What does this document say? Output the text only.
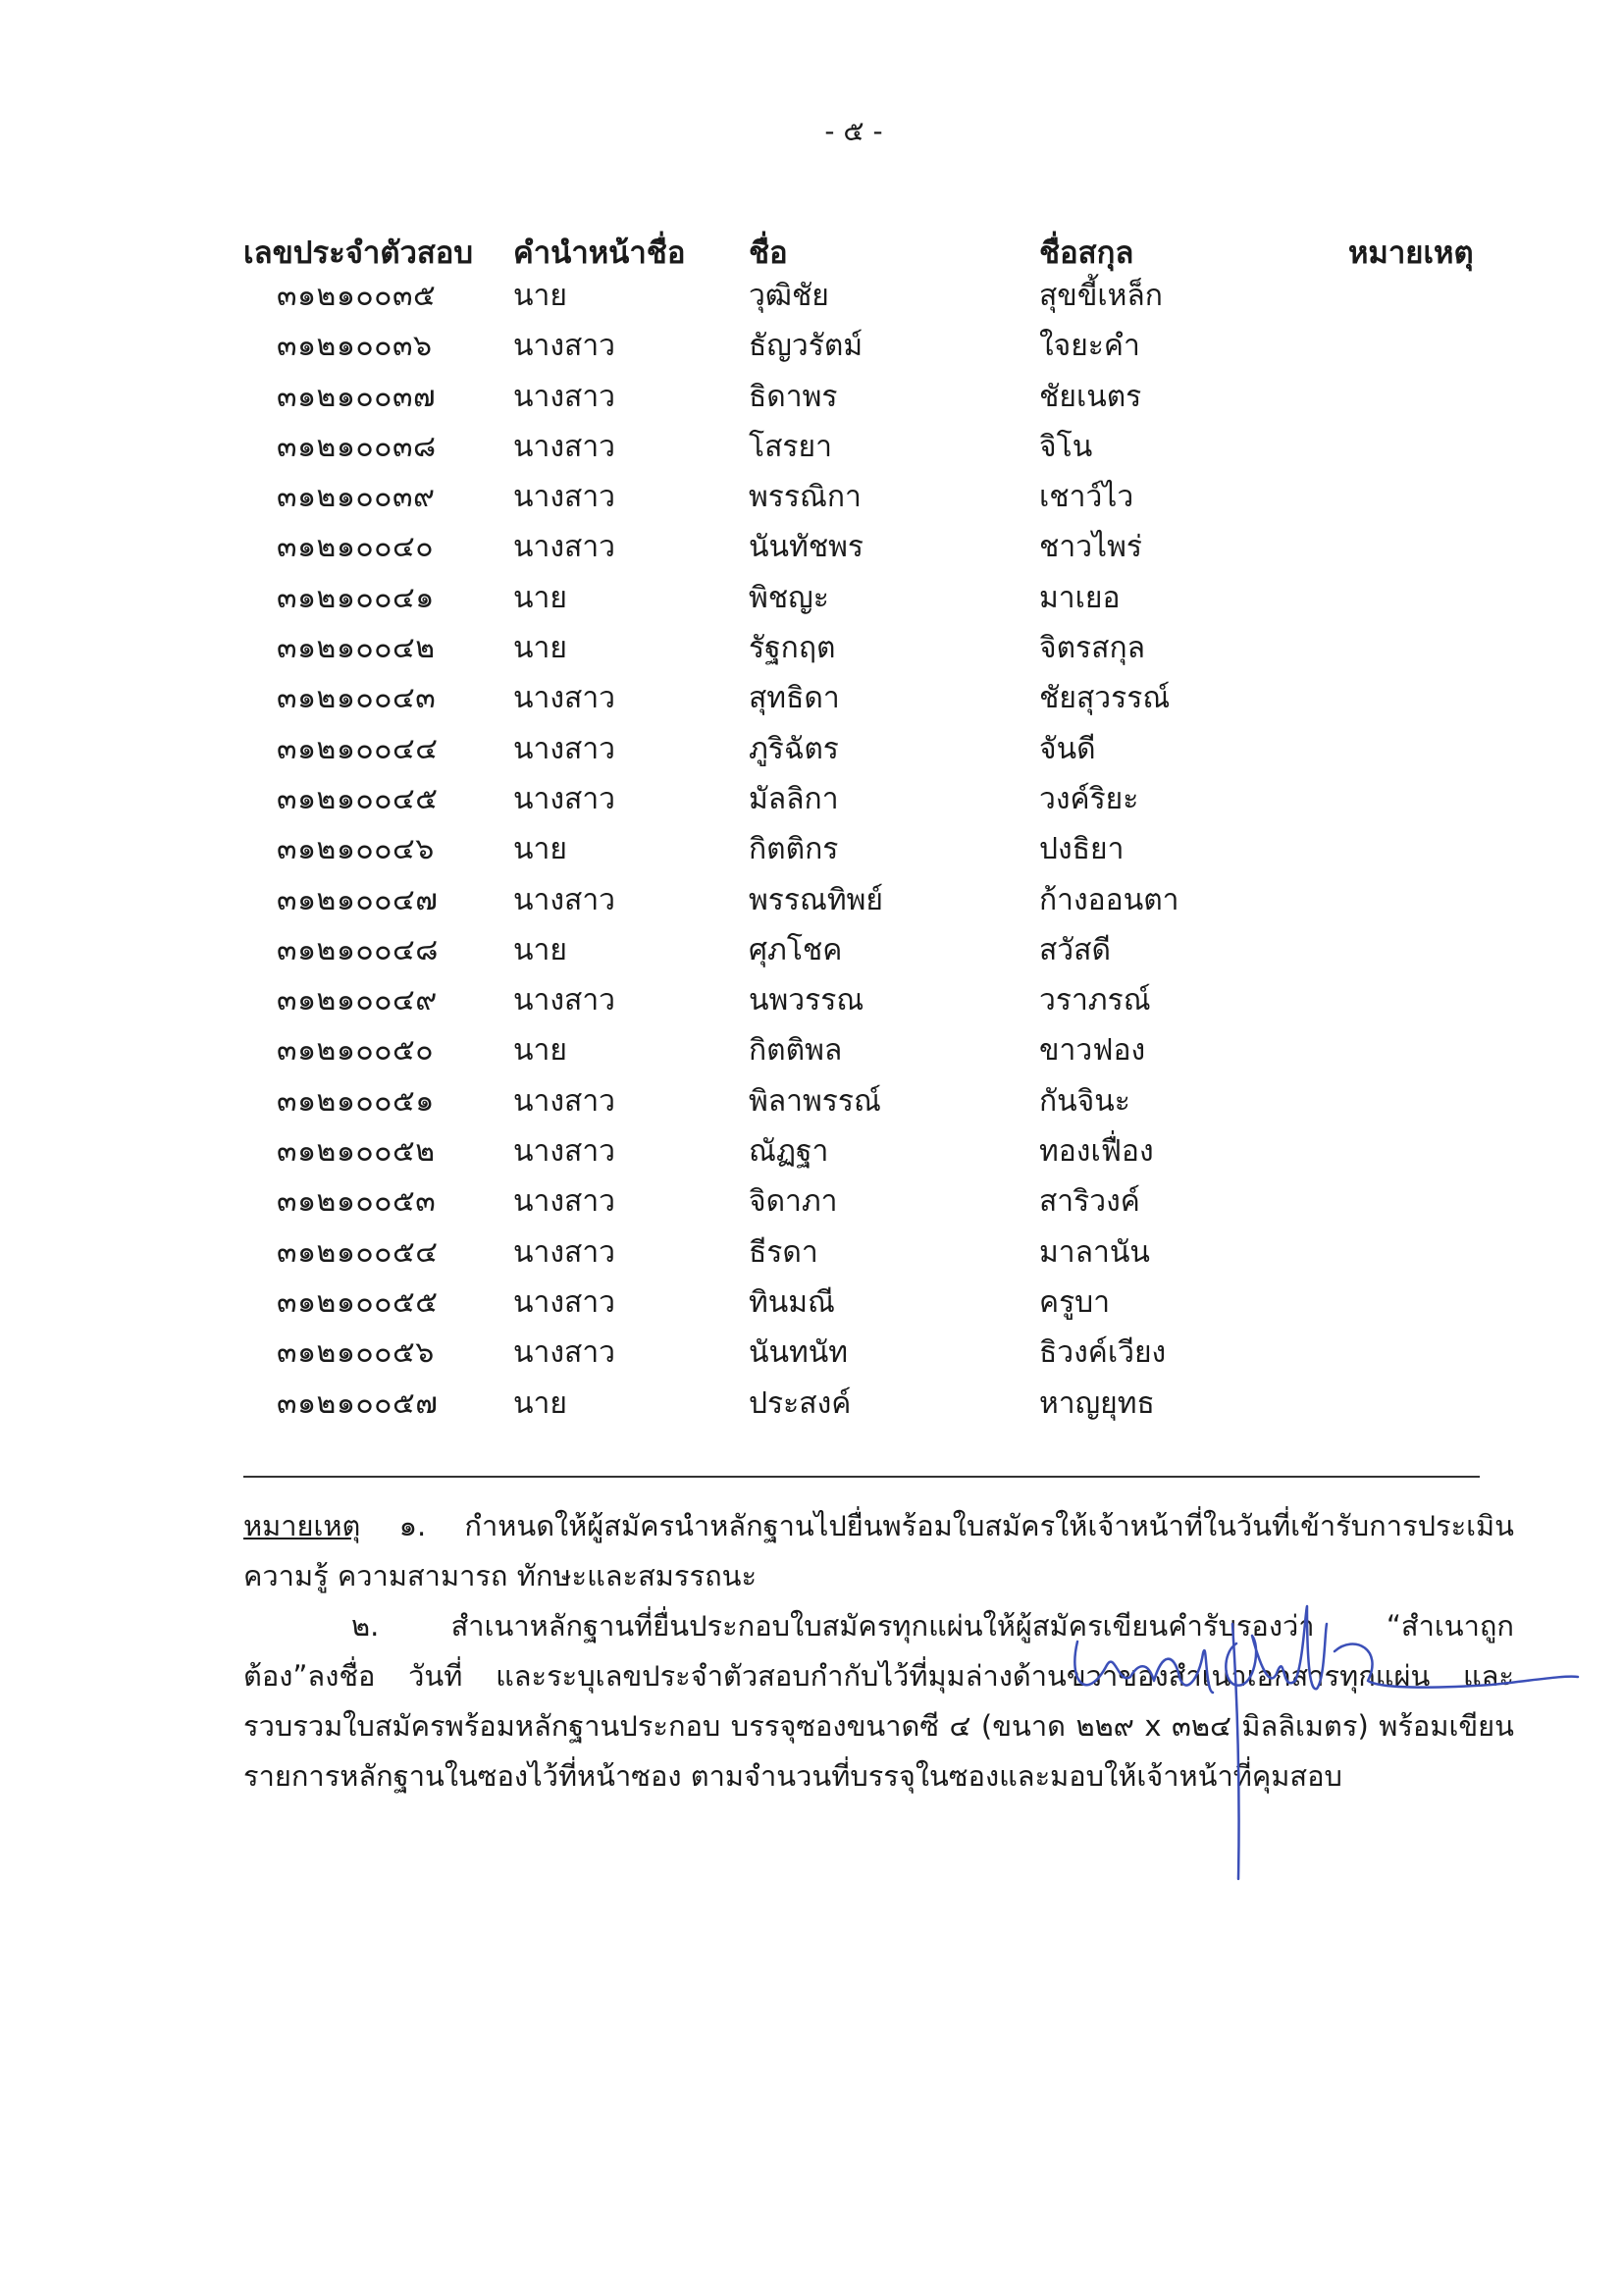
- ๕ -
เลขประจำตัวสอบ คำนำหน้าชื่อ ชื่อ	ชื่อสกุล	หมายเหตุ
๓๑๒๑๐๐๓๕	นาย	วุฒิชัย	สุขขี้เหล็ก
๓๑๒๑๐๐๓๖	นางสาว	ธัญวรัตม์	ใจยะคำ
๓๑๒๑๐๐๓๗	นางสาว	ธิดาพร	ชัยเนตร
๓๑๒๑๐๐๓๘	นางสาว	โสรยา	จิโน
๓๑๒๑๐๐๓๙	นางสาว	พรรณิกา	เชาว์ไว
๓๑๒๑๐๐๔๐	นางสาว	นันทัชพร	ชาวไพร่
๓๑๒๑๐๐๔๑	นาย	พิชญะ	มาเยอ
๓๑๒๑๐๐๔๒	นาย	รัฐกฤต	จิตรสกุล
๓๑๒๑๐๐๔๓	นางสาว	สุทธิดา	ชัยสุวรรณ์
๓๑๒๑๐๐๔๔	นางสาว	ภูริฉัตร	จันดี
๓๑๒๑๐๐๔๕	นางสาว	มัลลิกา	วงค์ริยะ
๓๑๒๑๐๐๔๖	นาย	กิตติกร	ปงธิยา
๓๑๒๑๐๐๔๗	นางสาว	พรรณทิพย์	ก้างออนตา
๓๑๒๑๐๐๔๘	นาย	ศุภโชค	สวัสดี
๓๑๒๑๐๐๔๙	นางสาว	นพวรรณ	วราภรณ์
๓๑๒๑๐๐๕๐	นาย	กิตติพล	ขาวฟอง
๓๑๒๑๐๐๕๑	นางสาว	พิลาพรรณ์	กันจินะ
๓๑๒๑๐๐๕๒	นางสาว	ณัฏฐา	ทองเฟื่อง
๓๑๒๑๐๐๕๓	นางสาว	จิดาภา	สาริวงค์
๓๑๒๑๐๐๕๔	นางสาว	ธีรดา	มาลานัน
๓๑๒๑๐๐๕๕	นางสาว	ทินมณี	ครูบา
๓๑๒๑๐๐๕๖	นางสาว	นันทนัท	ธิวงค์เวียง
๓๑๒๑๐๐๕๗	นาย	ประสงค์	หาญยุทธ

หมายเหตุ ๑. กำหนดให้ผู้สมัครนำหลักฐานไปยื่นพร้อมใบสมัครให้เจ้าหน้าที่ในวันที่เข้ารับการประเมินความรู้ ความสามารถ ทักษะและสมรรถนะ

๒. สำเนาหลักฐานที่ยื่นประกอบใบสมัครทุกแผ่นให้ผู้สมัครเขียนคำรับรองว่า “สำเนาถูกต้อง”ลงชื่อ วันที่ และระบุเลขประจำตัวสอบกำกับไว้ที่มุมล่างด้านขวาของสำเนาเอกสารทุกแผ่น และรวบรวมใบสมัครพร้อมหลักฐานประกอบ บรรจุซองขนาดซี ๔ (ขนาด ๒๒๙ x ๓๒๔ มิลลิเมตร) พร้อมเขียนรายการหลักฐานในซองไว้ที่หน้าซอง ตามจำนวนที่บรรจุในซองและมอบให้เจ้าหน้าที่คุมสอบ
